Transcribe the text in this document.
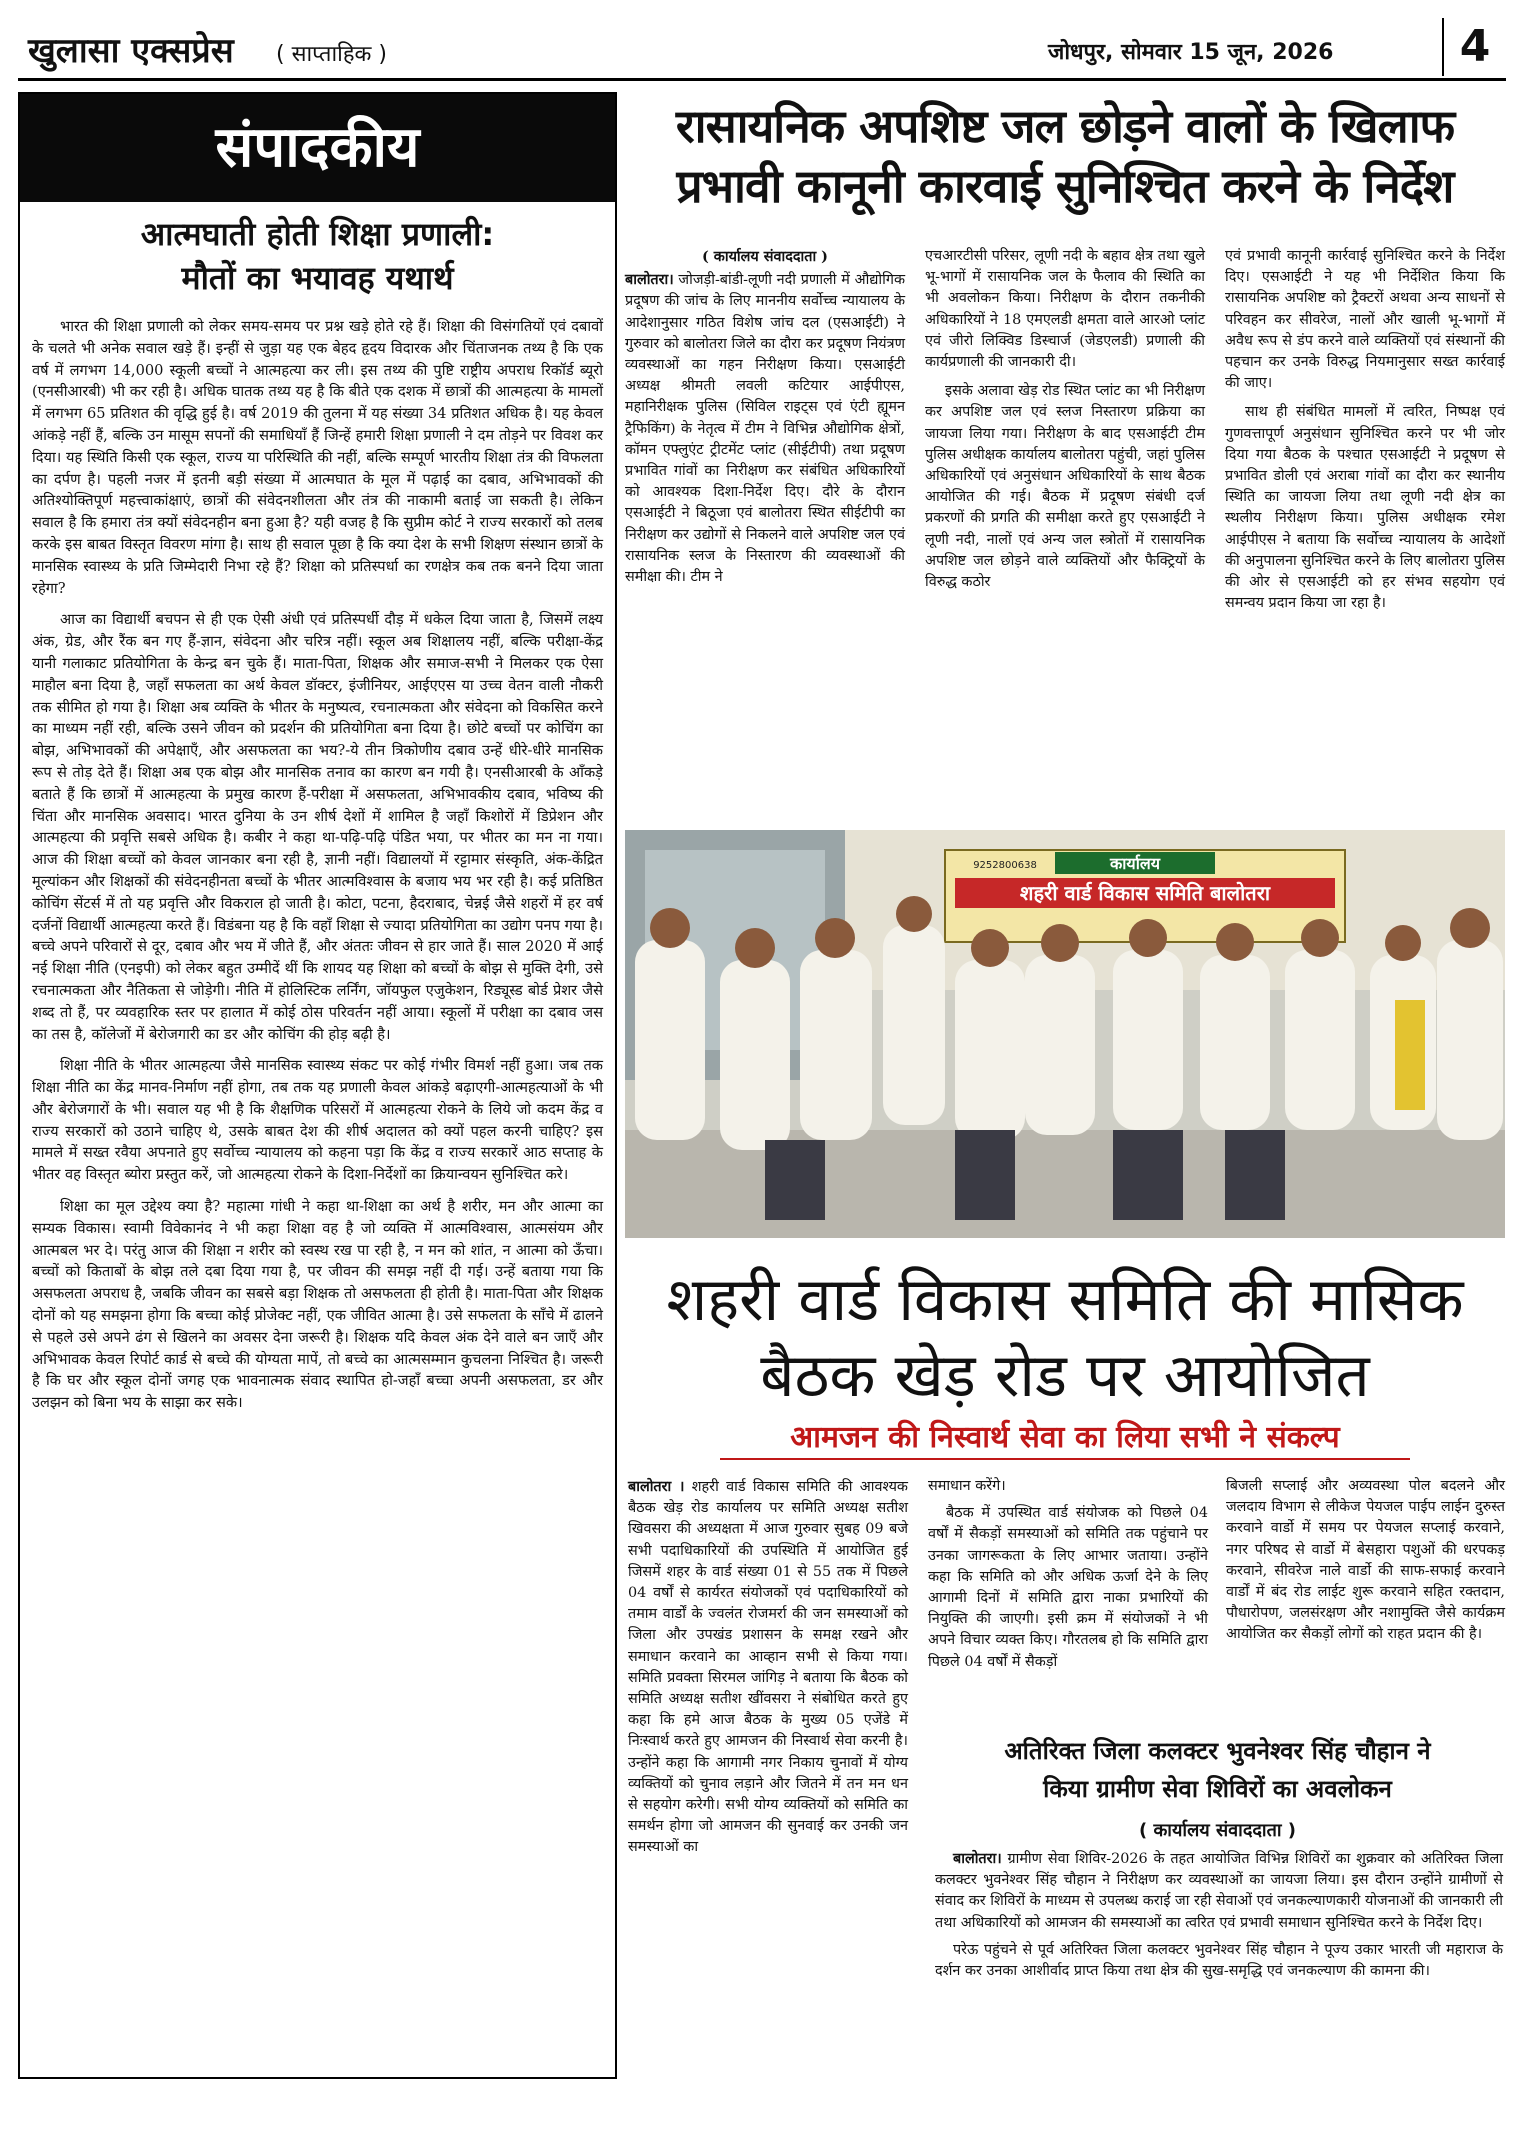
खुलासा एक्सप्रेस ( साप्ताहिक )	जोधपुर, सोमवार 15 जून, 2026	4
संपादकीय
आत्मघाती होती शिक्षा प्रणाली:
मौतों का भयावह यथार्थ

भारत की शिक्षा प्रणाली को लेकर समय-समय पर प्रश्न खड़े होते रहे हैं। शिक्षा की विसंगतियों एवं दबावों के चलते भी अनेक सवाल खड़े हैं। इन्हीं से जुड़ा यह एक बेहद हृदय विदारक और चिंताजनक तथ्य है कि एक वर्ष में लगभग 14,000 स्कूली बच्चों ने आत्महत्या कर ली। इस तथ्य की पुष्टि राष्ट्रीय अपराध रिकॉर्ड ब्यूरो (एनसीआरबी) भी कर रही है। अधिक घातक तथ्य यह है कि बीते एक दशक में छात्रों की आत्महत्या के मामलों में लगभग 65 प्रतिशत की वृद्धि हुई है। वर्ष 2019 की तुलना में यह संख्या 34 प्रतिशत अधिक है। यह केवल आंकड़े नहीं हैं, बल्कि उन मासूम सपनों की समाधियाँ हैं जिन्हें हमारी शिक्षा प्रणाली ने दम तोड़ने पर विवश कर दिया। यह स्थिति किसी एक स्कूल, राज्य या परिस्थिति की नहीं, बल्कि सम्पूर्ण भारतीय शिक्षा तंत्र की विफलता का दर्पण है। पहली नजर में इतनी बड़ी संख्या में आत्मघात के मूल में पढ़ाई का दबाव, अभिभावकों की अतिश्योक्तिपूर्ण महत्त्वाकांक्षाएं, छात्रों की संवेदनशीलता और तंत्र की नाकामी बताई जा सकती है। लेकिन सवाल है कि हमारा तंत्र क्यों संवेदनहीन बना हुआ है? यही वजह है कि सुप्रीम कोर्ट ने राज्य सरकारों को तलब करके इस बाबत विस्तृत विवरण मांगा है। साथ ही सवाल पूछा है कि क्या देश के सभी शिक्षण संस्थान छात्रों के मानसिक स्वास्थ्य के प्रति जिम्मेदारी निभा रहे हैं? शिक्षा को प्रतिस्पर्धा का रणक्षेत्र कब तक बनने दिया जाता रहेगा?

आज का विद्यार्थी बचपन से ही एक ऐसी अंधी एवं प्रतिस्पर्धी दौड़ में धकेल दिया जाता है, जिसमें लक्ष्य अंक, ग्रेड, और रैंक बन गए हैं-ज्ञान, संवेदना और चरित्र नहीं। स्कूल अब शिक्षालय नहीं, बल्कि परीक्षा-केंद्र यानी गलाकाट प्रतियोगिता के केन्द्र बन चुके हैं। माता-पिता, शिक्षक और समाज-सभी ने मिलकर एक ऐसा माहौल बना दिया है, जहाँ सफलता का अर्थ केवल डॉक्टर, इंजीनियर, आईएएस या उच्च वेतन वाली नौकरी तक सीमित हो गया है। शिक्षा अब व्यक्ति के भीतर के मनुष्यत्व, रचनात्मकता और संवेदना को विकसित करने का माध्यम नहीं रही, बल्कि उसने जीवन को प्रदर्शन की प्रतियोगिता बना दिया है। छोटे बच्चों पर कोचिंग का बोझ, अभिभावकों की अपेक्षाएँ, और असफलता का भय?-ये तीन त्रिकोणीय दबाव उन्हें धीरे-धीरे मानसिक रूप से तोड़ देते हैं। शिक्षा अब एक बोझ और मानसिक तनाव का कारण बन गयी है। एनसीआरबी के आँकड़े बताते हैं कि छात्रों में आत्महत्या के प्रमुख कारण हैं-परीक्षा में असफलता, अभिभावकीय दबाव, भविष्य की चिंता और मानसिक अवसाद। भारत दुनिया के उन शीर्ष देशों में शामिल है जहाँ किशोरों में डिप्रेशन और आत्महत्या की प्रवृत्ति सबसे अधिक है। कबीर ने कहा था-पढ़ि-पढ़ि पंडित भया, पर भीतर का मन ना गया। आज की शिक्षा बच्चों को केवल जानकार बना रही है, ज्ञानी नहीं। विद्यालयों में रट्टामार संस्कृति, अंक-केंद्रित मूल्यांकन और शिक्षकों की संवेदनहीनता बच्चों के भीतर आत्मविश्वास के बजाय भय भर रही है। कई प्रतिष्ठित कोचिंग सेंटर्स में तो यह प्रवृत्ति और विकराल हो जाती है। कोटा, पटना, हैदराबाद, चेन्नई जैसे शहरों में हर वर्ष दर्जनों विद्यार्थी आत्महत्या करते हैं। विडंबना यह है कि वहाँ शिक्षा से ज्यादा प्रतियोगिता का उद्योग पनप गया है। बच्चे अपने परिवारों से दूर, दबाव और भय में जीते हैं, और अंततः जीवन से हार जाते हैं। साल 2020 में आई नई शिक्षा नीति (एनइपी) को लेकर बहुत उम्मीदें थीं कि शायद यह शिक्षा को बच्चों के बोझ से मुक्ति देगी, उसे रचनात्मकता और नैतिकता से जोड़ेगी। नीति में होलिस्टिक लर्निंग, जॉयफुल एजुकेशन, रिड्यूस्ड बोर्ड प्रेशर जैसे शब्द तो हैं, पर व्यवहारिक स्तर पर हालात में कोई ठोस परिवर्तन नहीं आया। स्कूलों में परीक्षा का दबाव जस का तस है, कॉलेजों में बेरोजगारी का डर और कोचिंग की होड़ बढ़ी है।

शिक्षा नीति के भीतर आत्महत्या जैसे मानसिक स्वास्थ्य संकट पर कोई गंभीर विमर्श नहीं हुआ। जब तक शिक्षा नीति का केंद्र मानव-निर्माण नहीं होगा, तब तक यह प्रणाली केवल आंकड़े बढ़ाएगी-आत्महत्याओं के भी और बेरोजगारों के भी। सवाल यह भी है कि शैक्षणिक परिसरों में आत्महत्या रोकने के लिये जो कदम केंद्र व राज्य सरकारों को उठाने चाहिए थे, उसके बाबत देश की शीर्ष अदालत को क्यों पहल करनी चाहिए? इस मामले में सख्त रवैया अपनाते हुए सर्वोच्च न्यायालय को कहना पड़ा कि केंद्र व राज्य सरकारें आठ सप्ताह के भीतर वह विस्तृत ब्योरा प्रस्तुत करें, जो आत्महत्या रोकने के दिशा-निर्देशों का क्रियान्वयन सुनिश्चित करे।

शिक्षा का मूल उद्देश्य क्या है? महात्मा गांधी ने कहा था-शिक्षा का अर्थ है शरीर, मन और आत्मा का सम्यक विकास। स्वामी विवेकानंद ने भी कहा शिक्षा वह है जो व्यक्ति में आत्मविश्वास, आत्मसंयम और आत्मबल भर दे। परंतु आज की शिक्षा न शरीर को स्वस्थ रख पा रही है, न मन को शांत, न आत्मा को ऊँचा। बच्चों को किताबों के बोझ तले दबा दिया गया है, पर जीवन की समझ नहीं दी गई। उन्हें बताया गया कि असफलता अपराध है, जबकि जीवन का सबसे बड़ा शिक्षक तो असफलता ही होती है। माता-पिता और शिक्षक दोनों को यह समझना होगा कि बच्चा कोई प्रोजेक्ट नहीं, एक जीवित आत्मा है। उसे सफलता के साँचे में ढालने से पहले उसे अपने ढंग से खिलने का अवसर देना जरूरी है। शिक्षक यदि केवल अंक देने वाले बन जाएँ और अभिभावक केवल रिपोर्ट कार्ड से बच्चे की योग्यता मापें, तो बच्चे का आत्मसम्मान कुचलना निश्चित है। जरूरी है कि घर और स्कूल दोनों जगह एक भावनात्मक संवाद स्थापित हो-जहाँ बच्चा अपनी असफलता, डर और उलझन को बिना भय के साझा कर सके।

रासायनिक अपशिष्ट जल छोड़ने वालों के खिलाफ
प्रभावी कानूनी कारवाई सुनिश्चित करने के निर्देश
( कार्यालय संवाददाता )

बालोतरा। जोजड़ी-बांडी-लूणी नदी प्रणाली में औद्योगिक प्रदूषण की जांच के लिए माननीय सर्वोच्च न्यायालय के आदेशानुसार गठित विशेष जांच दल (एसआईटी) ने गुरुवार को बालोतरा जिले का दौरा कर प्रदूषण नियंत्रण व्यवस्थाओं का गहन निरीक्षण किया। एसआईटी अध्यक्ष श्रीमती लवली कटियार आईपीएस, महानिरीक्षक पुलिस (सिविल राइट्स एवं एंटी ह्यूमन ट्रैफिकिंग) के नेतृत्व में टीम ने विभिन्न औद्योगिक क्षेत्रों, कॉमन एफ्लुएंट ट्रीटमेंट प्लांट (सीईटीपी) तथा प्रदूषण प्रभावित गांवों का निरीक्षण कर संबंधित अधिकारियों को आवश्यक दिशा-निर्देश दिए। दौरे के दौरान एसआईटी ने बिठूजा एवं बालोतरा स्थित सीईटीपी का निरीक्षण कर उद्योगों से निकलने वाले अपशिष्ट जल एवं रासायनिक स्लज के निस्तारण की व्यवस्थाओं की समीक्षा की। टीम ने

एचआरटीसी परिसर, लूणी नदी के बहाव क्षेत्र तथा खुले भू-भागों में रासायनिक जल के फैलाव की स्थिति का भी अवलोकन किया। निरीक्षण के दौरान तकनीकी अधिकारियों ने 18 एमएलडी क्षमता वाले आरओ प्लांट एवं जीरो लिक्विड डिस्चार्ज (जेडएलडी) प्रणाली की कार्यप्रणाली की जानकारी दी।

इसके अलावा खेड़ रोड स्थित प्लांट का भी निरीक्षण कर अपशिष्ट जल एवं स्लज निस्तारण प्रक्रिया का जायजा लिया गया। निरीक्षण के बाद एसआईटी टीम पुलिस अधीक्षक कार्यालय बालोतरा पहुंची, जहां पुलिस अधिकारियों एवं अनुसंधान अधिकारियों के साथ बैठक आयोजित की गई। बैठक में प्रदूषण संबंधी दर्ज प्रकरणों की प्रगति की समीक्षा करते हुए एसआईटी ने लूणी नदी, नालों एवं अन्य जल स्त्रोतों में रासायनिक अपशिष्ट जल छोड़ने वाले व्यक्तियों और फैक्ट्रियों के विरुद्ध कठोर

एवं प्रभावी कानूनी कार्रवाई सुनिश्चित करने के निर्देश दिए। एसआईटी ने यह भी निर्देशित किया कि रासायनिक अपशिष्ट को ट्रैक्टरों अथवा अन्य साधनों से परिवहन कर सीवरेज, नालों और खाली भू-भागों में अवैध रूप से डंप करने वाले व्यक्तियों एवं संस्थानों की पहचान कर उनके विरुद्ध नियमानुसार सख्त कार्रवाई की जाए।

साथ ही संबंधित मामलों में त्वरित, निष्पक्ष एवं गुणवत्तापूर्ण अनुसंधान सुनिश्चित करने पर भी जोर दिया गया बैठक के पश्चात एसआईटी ने प्रदूषण से प्रभावित डोली एवं अराबा गांवों का दौरा कर स्थानीय स्थिति का जायजा लिया तथा लूणी नदी क्षेत्र का स्थलीय निरीक्षण किया। पुलिस अधीक्षक रमेश आईपीएस ने बताया कि सर्वोच्च न्यायालय के आदेशों की अनुपालना सुनिश्चित करने के लिए बालोतरा पुलिस की ओर से एसआईटी को हर संभव सहयोग एवं समन्वय प्रदान किया जा रहा है।

कार्यालय
शहरी वार्ड विकास समिति बालोतरा
9252800638
शहरी वार्ड विकास समिति की मासिक
बैठक खेड़ रोड पर आयोजित
आमजन की निस्वार्थ सेवा का लिया सभी ने संकल्प

बालोतरा । शहरी वार्ड विकास समिति की आवश्यक बैठक खेड़ रोड कार्यालय पर समिति अध्यक्ष सतीश खिवसरा की अध्यक्षता में आज गुरुवार सुबह 09 बजे सभी पदाधिकारियों की उपस्थिति में आयोजित हुई जिसमें शहर के वार्ड संख्या 01 से 55 तक में पिछले 04 वर्षों से कार्यरत संयोजकों एवं पदाधिकारियों को तमाम वार्डों के ज्वलंत रोजमर्रा की जन समस्याओं को जिला और उपखंड प्रशासन के समक्ष रखने और समाधान करवाने का आव्हान सभी से किया गया। समिति प्रवक्ता सिरमल जांगिड़ ने बताया कि बैठक को समिति अध्यक्ष सतीश खींवसरा ने संबोधित करते हुए कहा कि हमे आज बैठक के मुख्य 05 एजेंडे में निःस्वार्थ करते हुए आमजन की निस्वार्थ सेवा करनी है। उन्होंने कहा कि आगामी नगर निकाय चुनावों में योग्य व्यक्तियों को चुनाव लड़ाने और जितने में तन मन धन से सहयोग करेगी। सभी योग्य व्यक्तियों को समिति का समर्थन होगा जो आमजन की सुनवाई कर उनकी जन समस्याओं का

समाधान करेंगे।

बैठक में उपस्थित वार्ड संयोजक को पिछले 04 वर्षों में सैकड़ों समस्याओं को समिति तक पहुंचाने पर उनका जागरूकता के लिए आभार जताया। उन्होंने कहा कि समिति को और अधिक ऊर्जा देने के लिए आगामी दिनों में समिति द्वारा नाका प्रभारियों की नियुक्ति की जाएगी। इसी क्रम में संयोजकों ने भी अपने विचार व्यक्त किए। गौरतलब हो कि समिति द्वारा पिछले 04 वर्षों में सैकड़ों

बिजली सप्लाई और अव्यवस्था पोल बदलने और जलदाय विभाग से लीकेज पेयजल पाईप लाईन दुरुस्त करवाने वार्डो में समय पर पेयजल सप्लाई करवाने, नगर परिषद से वार्डो में बेसहारा पशुओं की धरपकड़ करवाने, सीवरेज नाले वार्डो की साफ-सफाई करवाने वार्डों में बंद रोड लाईट शुरू करवाने सहित रक्तदान, पौधारोपण, जलसंरक्षण और नशामुक्ति जैसे कार्यक्रम आयोजित कर सैकड़ों लोगों को राहत प्रदान की है।

अतिरिक्त जिला कलक्टर भुवनेश्वर सिंह चौहान ने
किया ग्रामीण सेवा शिविरों का अवलोकन
( कार्यालय संवाददाता )

बालोतरा। ग्रामीण सेवा शिविर-2026 के तहत आयोजित विभिन्न शिविरों का शुक्रवार को अतिरिक्त जिला कलक्टर भुवनेश्वर सिंह चौहान ने निरीक्षण कर व्यवस्थाओं का जायजा लिया। इस दौरान उन्होंने ग्रामीणों से संवाद कर शिविरों के माध्यम से उपलब्ध कराई जा रही सेवाओं एवं जनकल्याणकारी योजनाओं की जानकारी ली तथा अधिकारियों को आमजन की समस्याओं का त्वरित एवं प्रभावी समाधान सुनिश्चित करने के निर्देश दिए।

परेऊ पहुंचने से पूर्व अतिरिक्त जिला कलक्टर भुवनेश्वर सिंह चौहान ने पूज्य उकार भारती जी महाराज के दर्शन कर उनका आशीर्वाद प्राप्त किया तथा क्षेत्र की सुख-समृद्धि एवं जनकल्याण की कामना की।
